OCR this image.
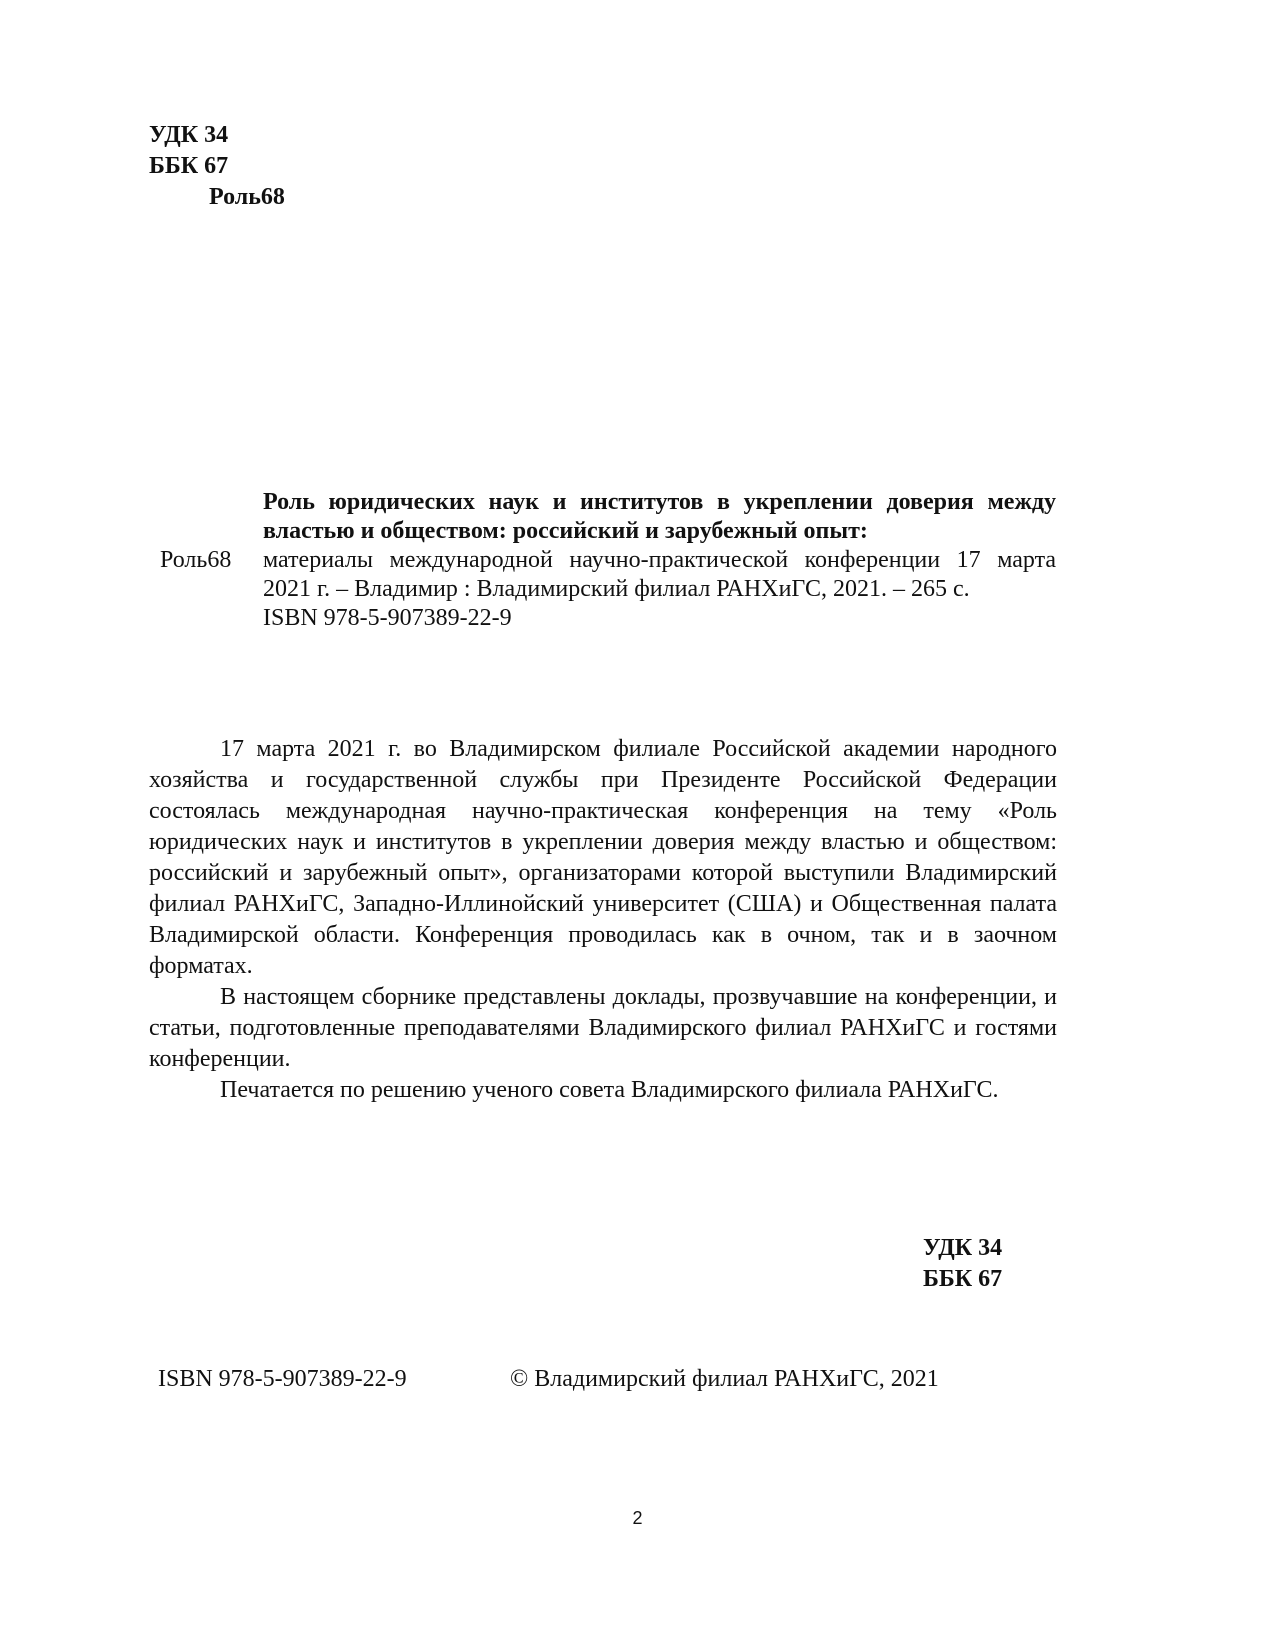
УДК 34
ББК 67
Роль68
Роль68
Роль юридических наук и институтов в укреплении доверия между властью и обществом: российский и зарубежный опыт:
материалы международной научно-практической конференции 17 марта 2021 г. – Владимир : Владимирский филиал РАНХиГС, 2021. – 265 с.
ISBN 978-5-907389-22-9

17 марта 2021 г. во Владимирском филиале Российской академии народного хозяйства и государственной службы при Президенте Российской Федерации состоялась международная научно-практическая конференция на тему «Роль юридических наук и институтов в укреплении доверия между властью и обществом: российский и зарубежный опыт», организаторами которой выступили Владимирский филиал РАНХиГС, Западно-Иллинойский университет (США) и Общественная палата Владимирской области. Конференция проводилась как в очном, так и в заочном форматах.

В настоящем сборнике представлены доклады, прозвучавшие на конференции, и статьи, подготовленные преподавателями Владимирского филиал РАНХиГС и гостями конференции.

Печатается по решению ученого совета Владимирского филиала РАНХиГС.

УДК 34
ББК 67
ISBN 978-5-907389-22-9	© Владимирский филиал РАНХиГС, 2021
2
